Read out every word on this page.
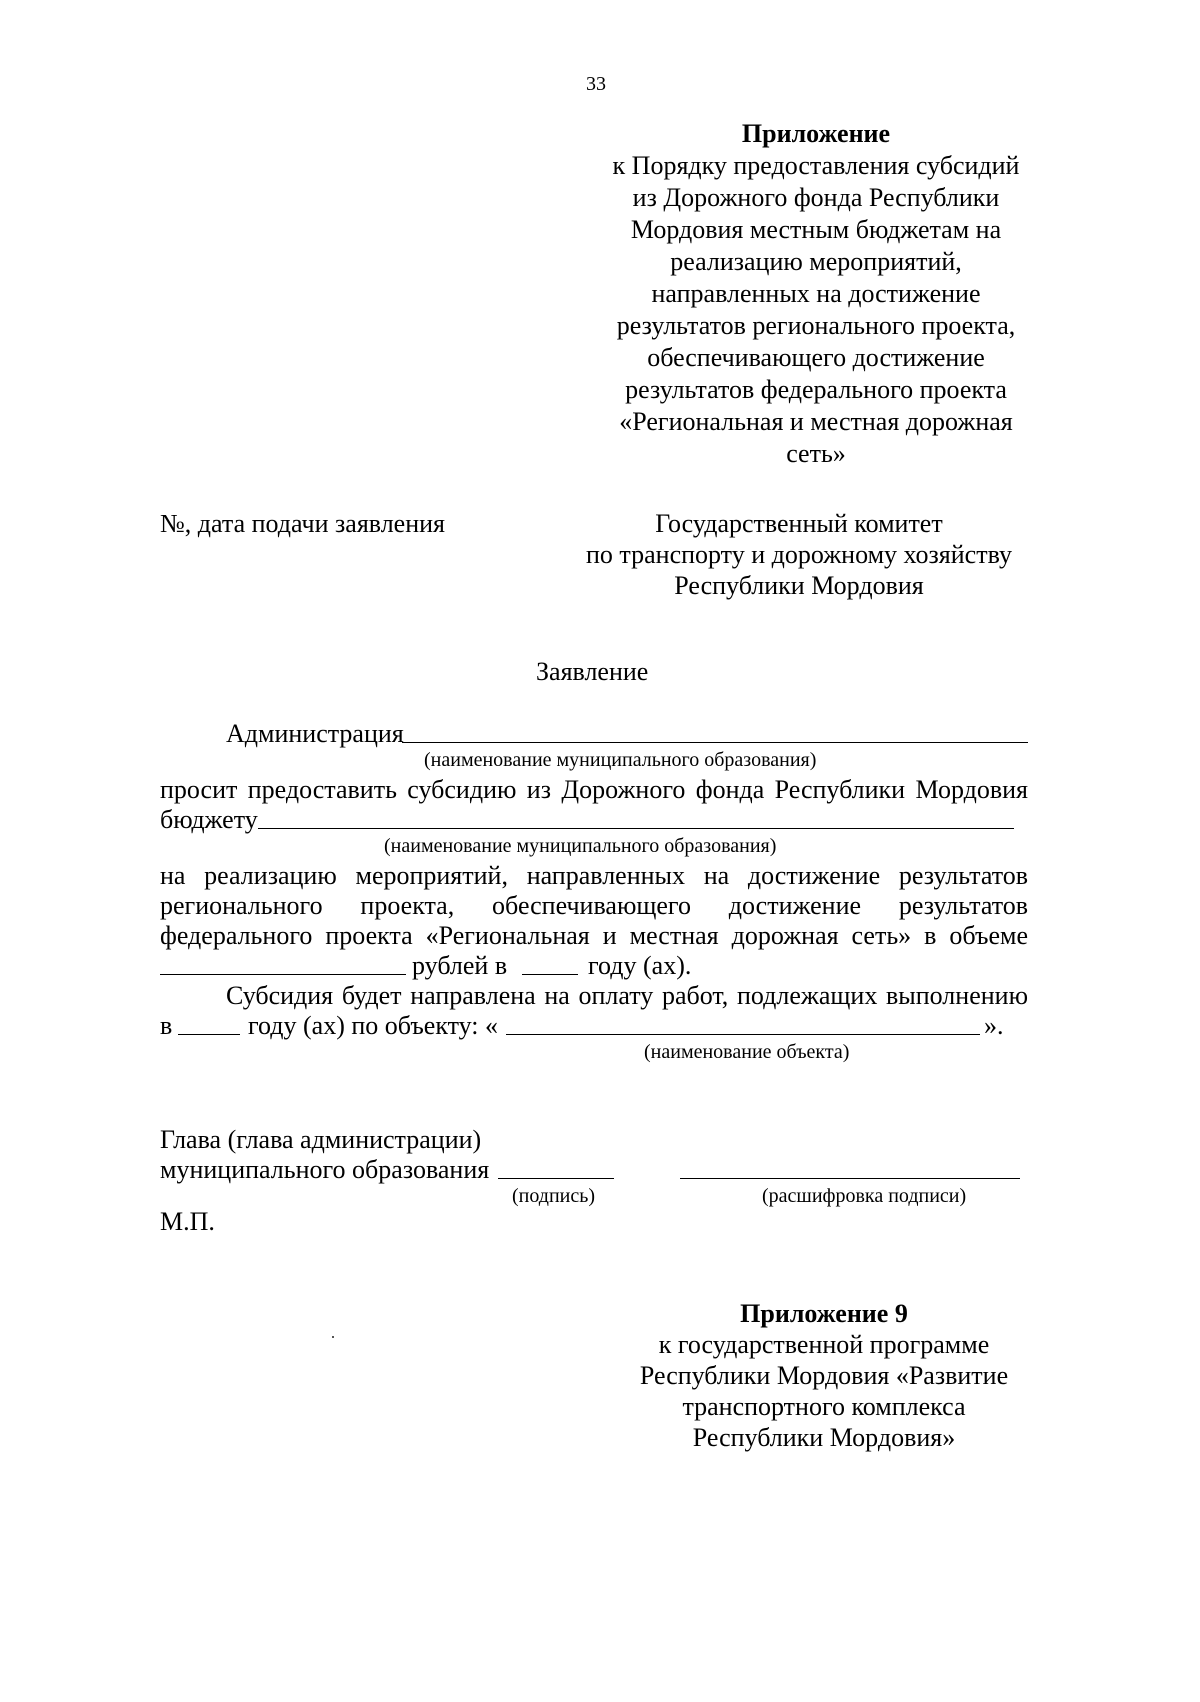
33
Приложение
к Порядку предоставления субсидий
из Дорожного фонда Республики
Мордовия местным бюджетам на
реализацию мероприятий,
направленных на достижение
результатов регионального проекта,
обеспечивающего достижение
результатов федерального проекта
«Региональная и местная дорожная
сеть»
№, дата подачи заявления	Государственный комитет
по транспорту и дорожному хозяйству
Республики Мордовия
Заявление
Администрация
(наименование муниципального образования)
просит предоставить субсидию из Дорожного фонда Республики Мордовия
бюджету
(наименование муниципального образования)
на реализацию мероприятий, направленных на достижение результатов
регионального проекта, обеспечивающего достижение результатов
федерального проекта «Региональная и местная дорожная сеть» в объеме
рублей в	году (ах).
Субсидия будет направлена на оплату работ, подлежащих выполнению
в	году (ах) по объекту: «	».
(наименование объекта)
Глава (глава администрации)
муниципального образования
(подпись)	(расшифровка подписи)
М.П.
Приложение 9
к государственной программе
Республики Мордовия «Развитие
транспортного комплекса
Республики Мордовия»
